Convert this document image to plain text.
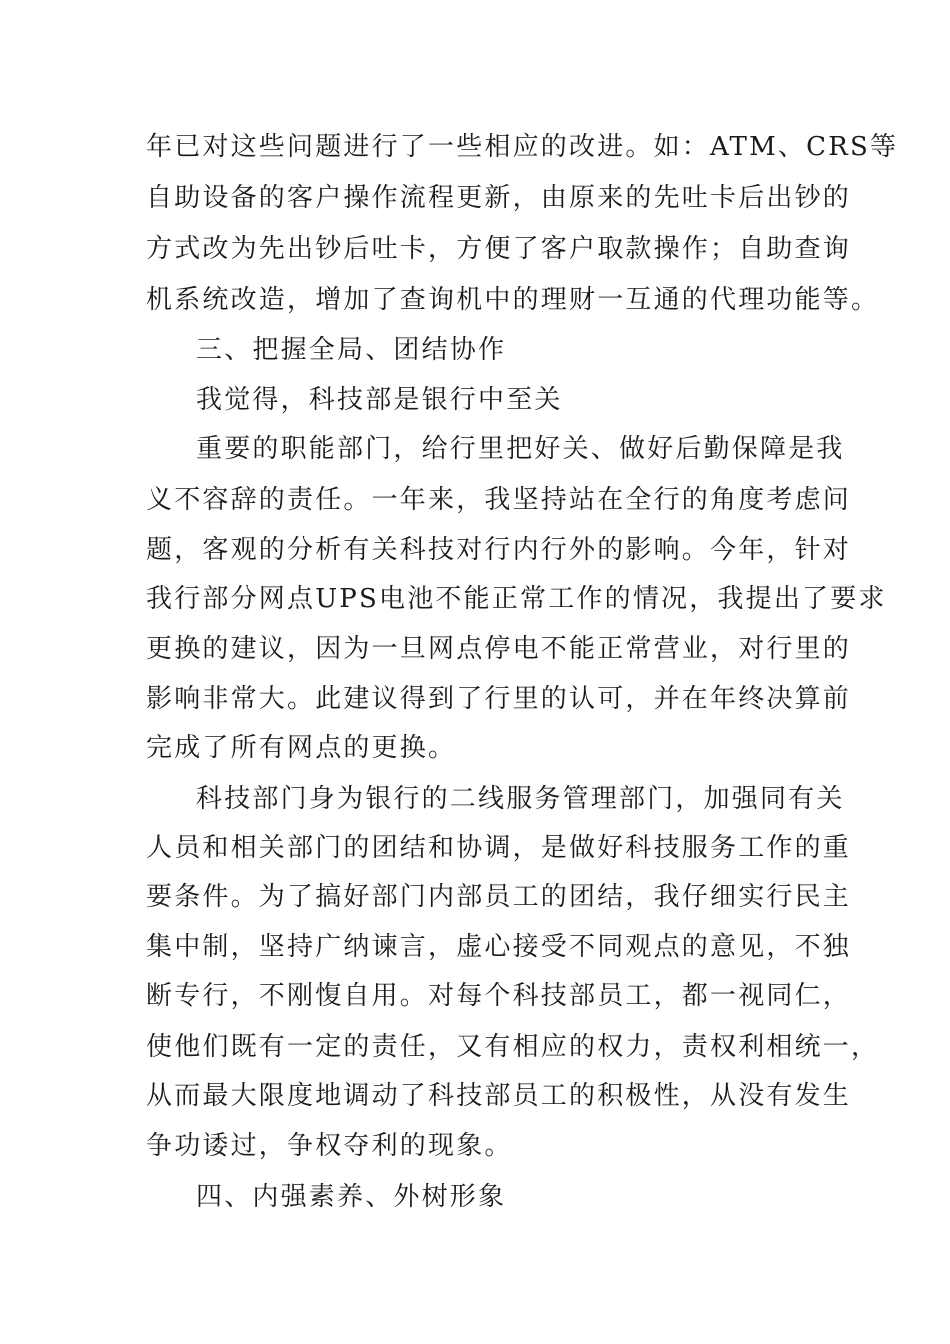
年已对这些问题进行了一些相应的改进。如：ATM、CRS等
自助设备的客户操作流程更新，由原来的先吐卡后出钞的
方式改为先出钞后吐卡，方便了客户取款操作；自助查询
机系统改造，增加了查询机中的理财一互通的代理功能等。
三、把握全局、团结协作
我觉得，科技部是银行中至关
重要的职能部门，给行里把好关、做好后勤保障是我
义不容辞的责任。一年来，我坚持站在全行的角度考虑问
题，客观的分析有关科技对行内行外的影响。今年，针对
我行部分网点UPS电池不能正常工作的情况，我提出了要求
更换的建议，因为一旦网点停电不能正常营业，对行里的
影响非常大。此建议得到了行里的认可，并在年终决算前
完成了所有网点的更换。
科技部门身为银行的二线服务管理部门，加强同有关
人员和相关部门的团结和协调，是做好科技服务工作的重
要条件。为了搞好部门内部员工的团结，我仔细实行民主
集中制，坚持广纳谏言，虚心接受不同观点的意见，不独
断专行，不刚愎自用。对每个科技部员工，都一视同仁，
使他们既有一定的责任，又有相应的权力，责权利相统一，
从而最大限度地调动了科技部员工的积极性，从没有发生
争功诿过，争权夺利的现象。
四、内强素养、外树形象
